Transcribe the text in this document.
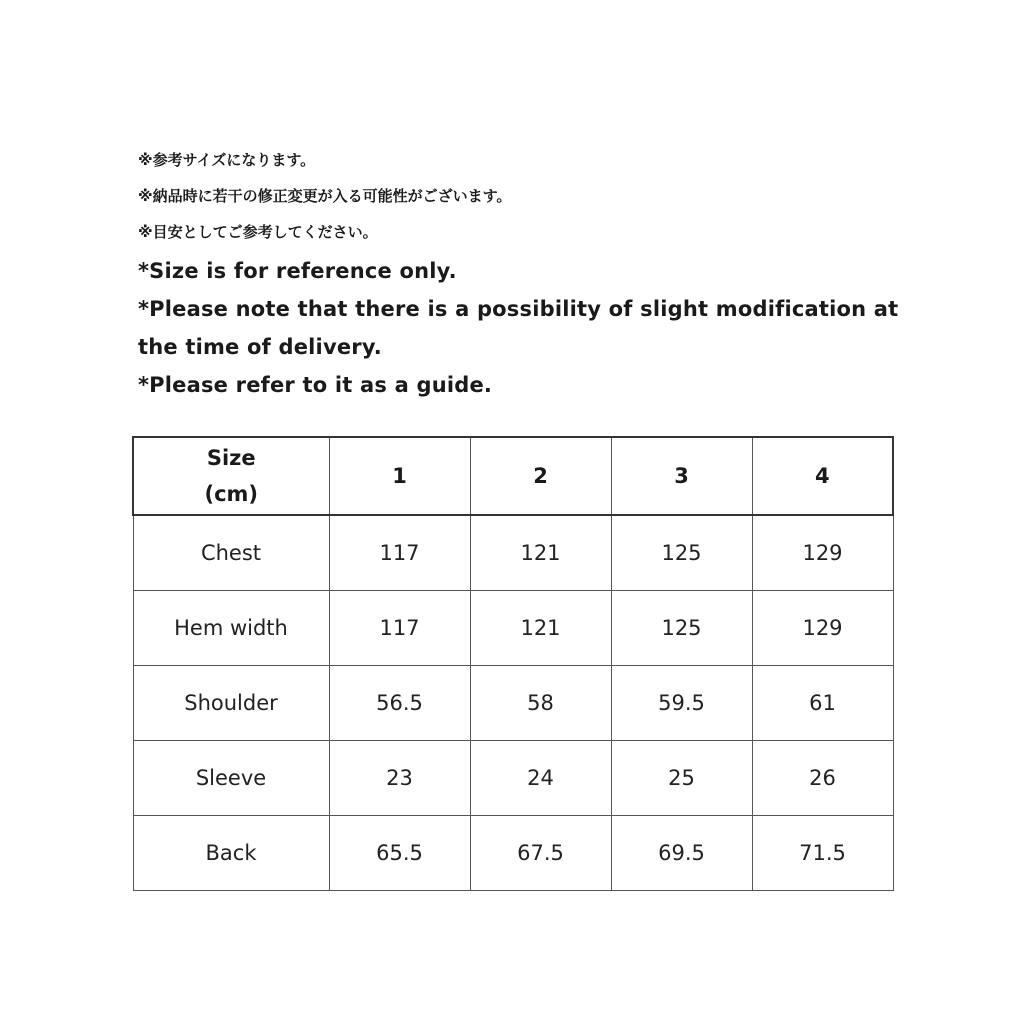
※参考サイズになります。
※納品時に若干の修正変更が入る可能性がございます。
※目安としてご参考してください。
*Size is for reference only.
*Please note that there is a possibility of slight modification at the time of delivery.
*Please refer to it as a guide.
Size
(cm)	1	2	3	4
Chest	117	121	125	129
Hem width	117	121	125	129
Shoulder	56.5	58	59.5	61
Sleeve	23	24	25	26
Back	65.5	67.5	69.5	71.5
